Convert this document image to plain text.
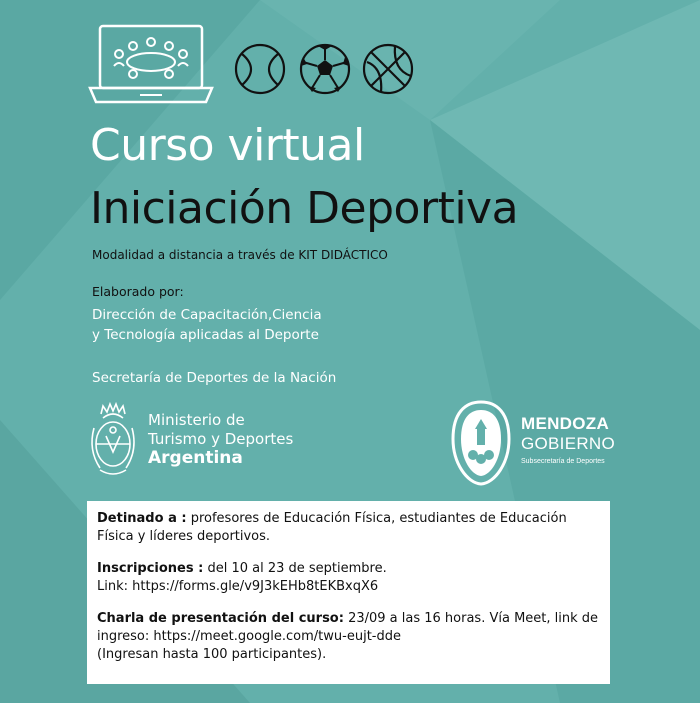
Curso virtual
Iniciación Deportiva
Modalidad a distancia a través de KIT DIDÁCTICO
Elaborado por:
Dirección de Capacitación,Ciencia
y Tecnología aplicadas al Deporte
Secretaría de Deportes de la Nación
Ministerio de
Turismo y Deportes
Argentina
MENDOZA
GOBIERNO
Subsecretaría de Deportes

Detinado a : profesores de Educación Física, estudiantes de Educación Física y líderes deportivos.

Inscripciones : del 10 al 23 de septiembre.
Link: https://forms.gle/v9J3kEHb8tEKBxqX6

Charla de presentación del curso: 23/09 a las 16 horas. Vía Meet, link de ingreso: https://meet.google.com/twu-eujt-dde
(Ingresan hasta 100 participantes).
